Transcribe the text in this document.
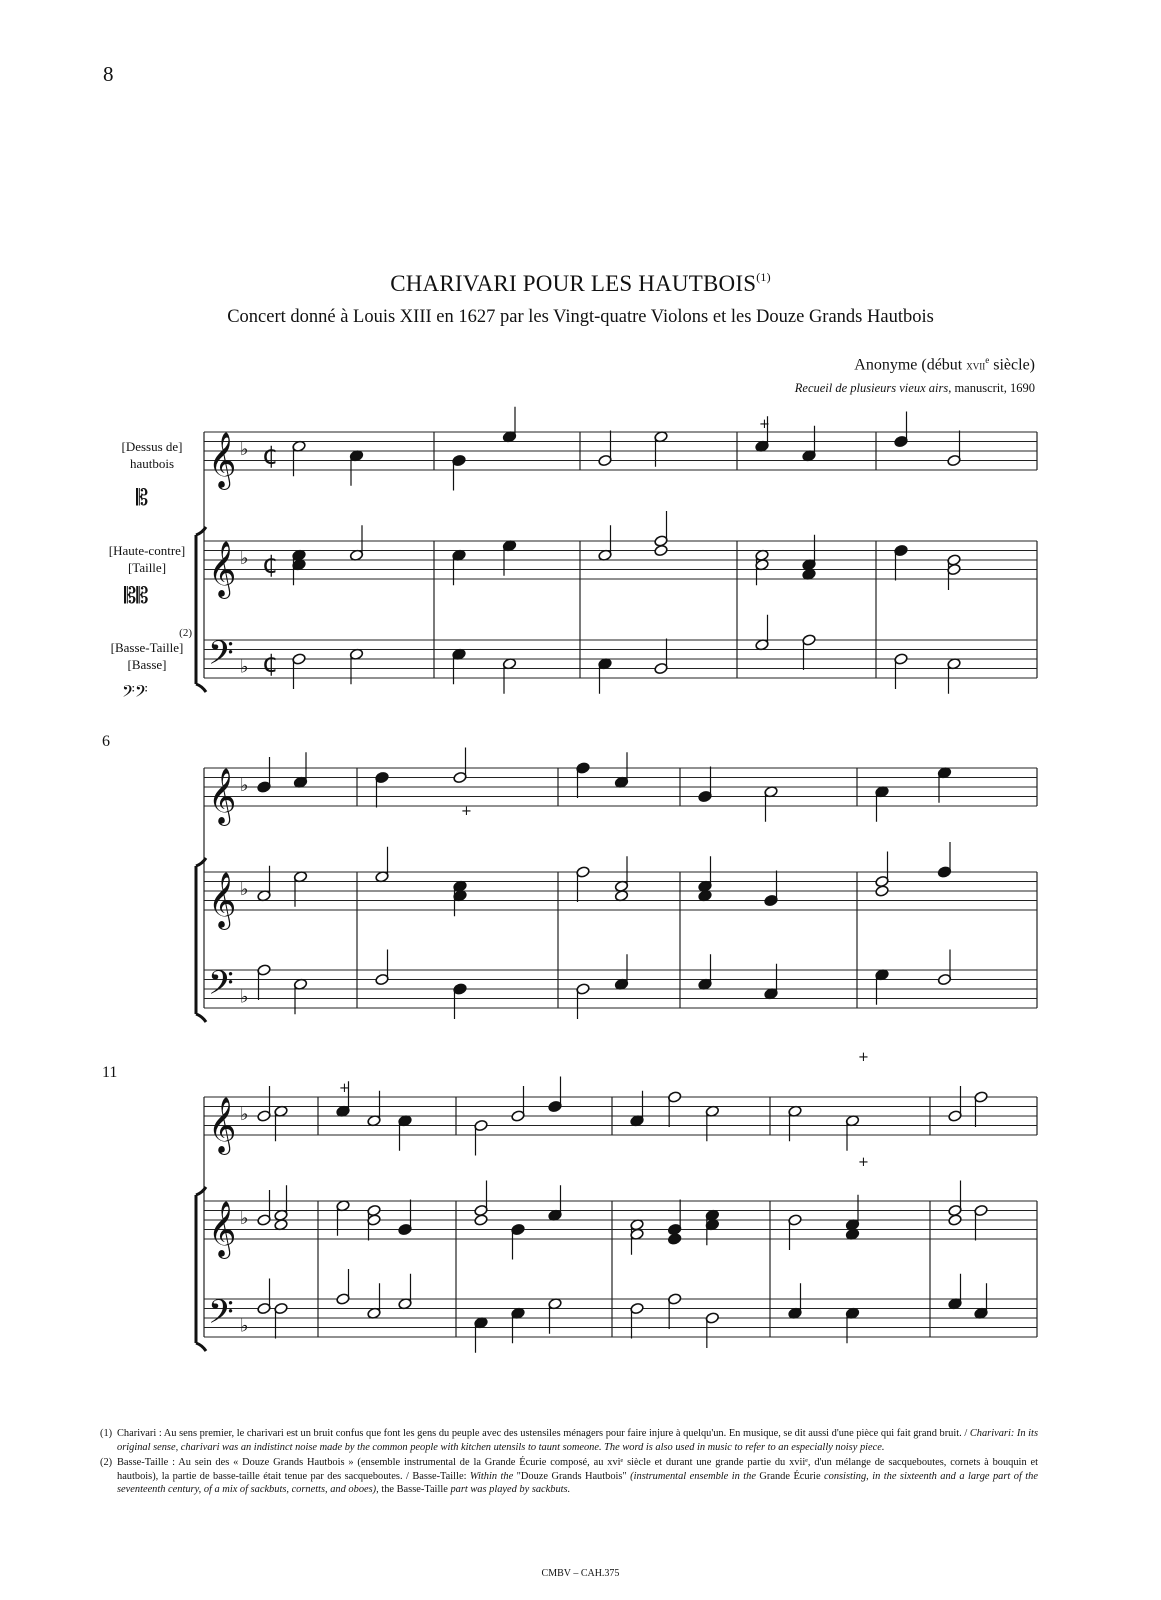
8
CHARIVARI POUR LES HAUTBOIS$^{(1)}$
Concert donné à Louis XIII en 1627 par les Vingt-quatre Violons et les Douze Grands Hautbois
Anonyme (début xvii$^e$ siècle)
Recueil de plusieurs vieux airs, manuscrit, 1690
[Dessus de]
hautbois
[Haute-contre]
[Taille]
(2)
[Basse-Taille]
[Basse]
6
11
𝄞 ♭ ¢
𝄞 ♭ ¢
𝄢 ♭ ¢
𝄞 ♭
𝄞 ♭
𝄢 ♭
𝄞 ♭
𝄞 ♭
𝄢 ♭
+
+
+
+
+
𝄡
𝄡𝄡
𝄢𝄢
(1) Charivari : Au sens premier, le charivari est un bruit confus que font les gens du peuple avec des ustensiles ménagers pour faire injure à quelqu'un. En musique, se dit aussi d'une pièce qui fait grand bruit. / Charivari: In its original sense, charivari was an indistinct noise made by the common people with kitchen utensils to taunt someone. The word is also used in music to refer to an especially noisy piece.
(2) Basse-Taille : Au sein des « Douze Grands Hautbois » (ensemble instrumental de la Grande Écurie composé, au xviᵉ siècle et durant une grande partie du xviiᵉ, d'un mélange de sacqueboutes, cornets à bouquin et hautbois), la partie de basse-taille était tenue par des sacqueboutes. / Basse-Taille: Within the "Douze Grands Hautbois" (instrumental ensemble in the Grande Écurie consisting, in the sixteenth and a large part of the seventeenth century, of a mix of sackbuts, cornetts, and oboes), the Basse-Taille part was played by sackbuts.
CMBV – CAH.375
